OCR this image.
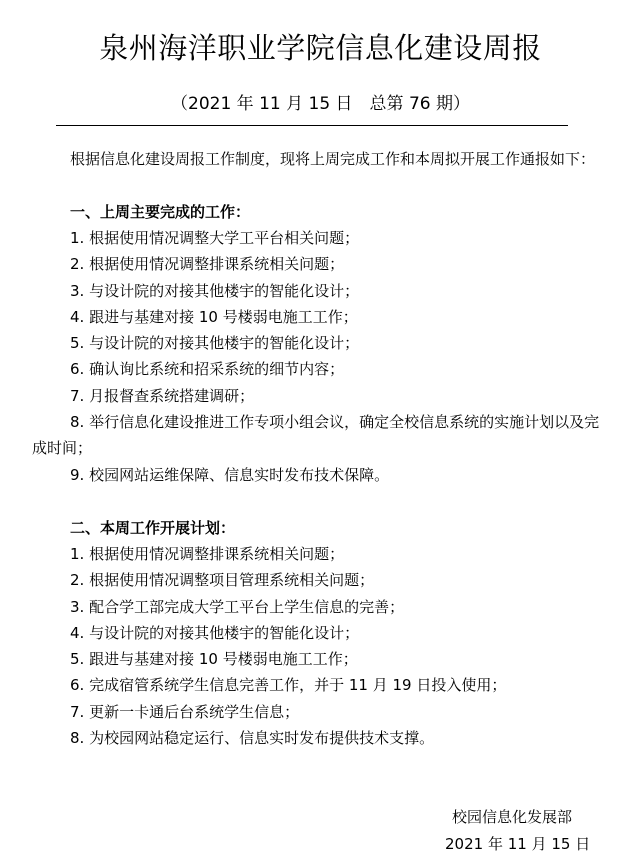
泉州海洋职业学院信息化建设周报
（2021 年 11 月 15 日　总第 76 期）
根据信息化建设周报工作制度，现将上周完成工作和本周拟开展工作通报如下：
一、上周主要完成的工作：
1. 根据使用情况调整大学工平台相关问题；
2. 根据使用情况调整排课系统相关问题；
3. 与设计院的对接其他楼宇的智能化设计；
4. 跟进与基建对接 10 号楼弱电施工工作；
5. 与设计院的对接其他楼宇的智能化设计；
6. 确认询比系统和招采系统的细节内容；
7. 月报督查系统搭建调研；
8. 举行信息化建设推进工作专项小组会议，确定全校信息系统的实施计划以及完成时间；
9. 校园网站运维保障、信息实时发布技术保障。
二、本周工作开展计划：
1. 根据使用情况调整排课系统相关问题；
2. 根据使用情况调整项目管理系统相关问题；
3. 配合学工部完成大学工平台上学生信息的完善；
4. 与设计院的对接其他楼宇的智能化设计；
5. 跟进与基建对接 10 号楼弱电施工工作；
6. 完成宿管系统学生信息完善工作，并于 11 月 19 日投入使用；
7. 更新一卡通后台系统学生信息；
8. 为校园网站稳定运行、信息实时发布提供技术支撑。
校园信息化发展部
2021 年 11 月 15 日
